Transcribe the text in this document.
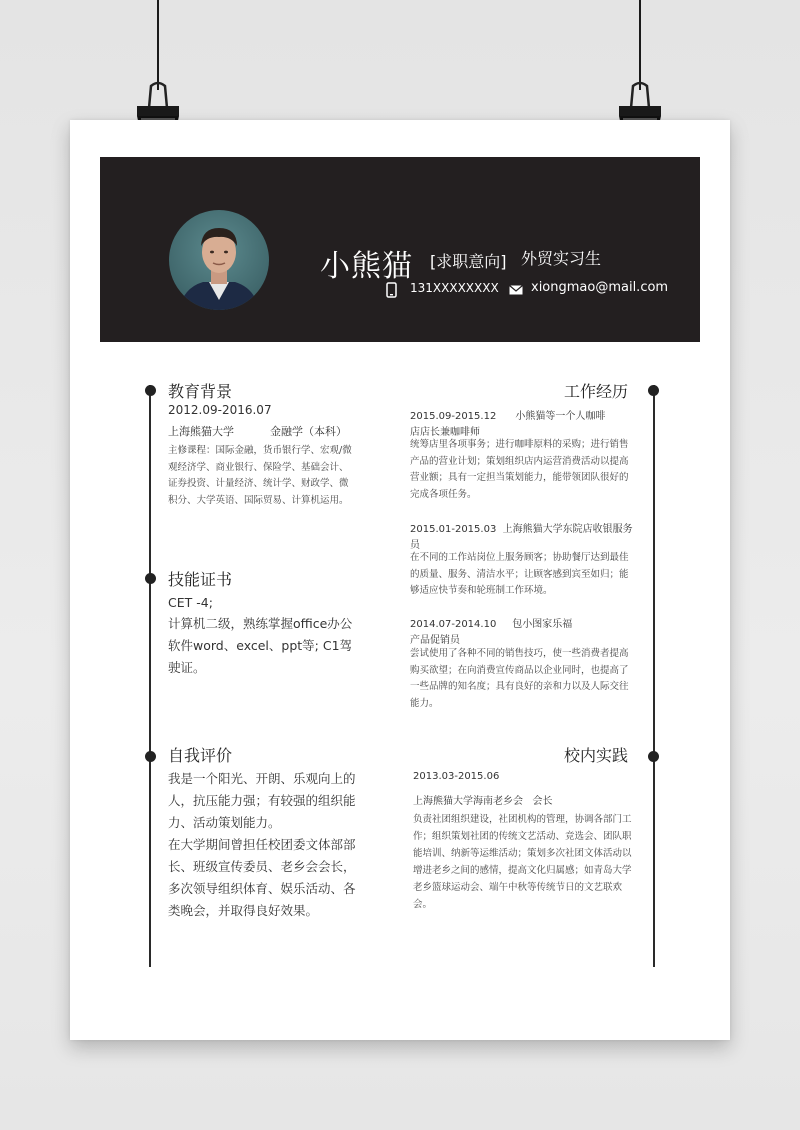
小熊猫 [求职意向] 外贸实习生
131XXXXXXXX xiongmao@mail.com
教育背景
2012.09-2016.07
上海熊猫大学	金融学（本科）
主修课程：国际金融，货币银行学、宏观/微观经济学、商业银行、保险学、基础会计、证券投资、计量经济、统计学、财政学、微积分、大学英语、国际贸易、计算机运用。
技能证书
CET -4;
计算机二级，熟练掌握office办公软件word、excel、ppt等; C1驾驶证。
自我评价
我是一个阳光、开朗、乐观向上的人，抗压能力强；有较强的组织能力、活动策划能力。
在大学期间曾担任校团委文体部部长、班级宣传委员、老乡会会长，多次领导组织体育、娱乐活动、各类晚会，并取得良好效果。
工作经历
2015.09-2015.12      小熊猫等一个人咖啡
店店长兼咖啡师
统筹店里各项事务；进行咖啡原料的采购；进行销售产品的营业计划；策划组织店内运营消费活动以提高营业额；具有一定担当策划能力，能带领团队很好的完成各项任务。
2015.01-2015.03  上海熊猫大学东院店收银服务
员
在不同的工作站岗位上服务顾客；协助餐厅达到最佳的质量、服务、清洁水平；让顾客感到宾至如归；能够适应快节奏和轮班制工作环境。
2014.07-2014.10     包小图家乐福
产品促销员
尝试使用了各种不同的销售技巧，使一些消费者提高购买欲望；在向消费宣传商品以企业同时，也提高了一些品牌的知名度；具有良好的亲和力以及人际交往能力。
校内实践
2013.03-2015.06
上海熊猫大学海南老乡会   会长
负责社团组织建设，社团机构的管理，协调各部门工作；组织策划社团的传统文艺活动、竞选会、团队职能培训、纳新等运维活动；策划多次社团文体活动以增进老乡之间的感情，提高文化归属感；如青岛大学老乡篮球运动会、端午中秋等传统节日的文艺联欢会。
